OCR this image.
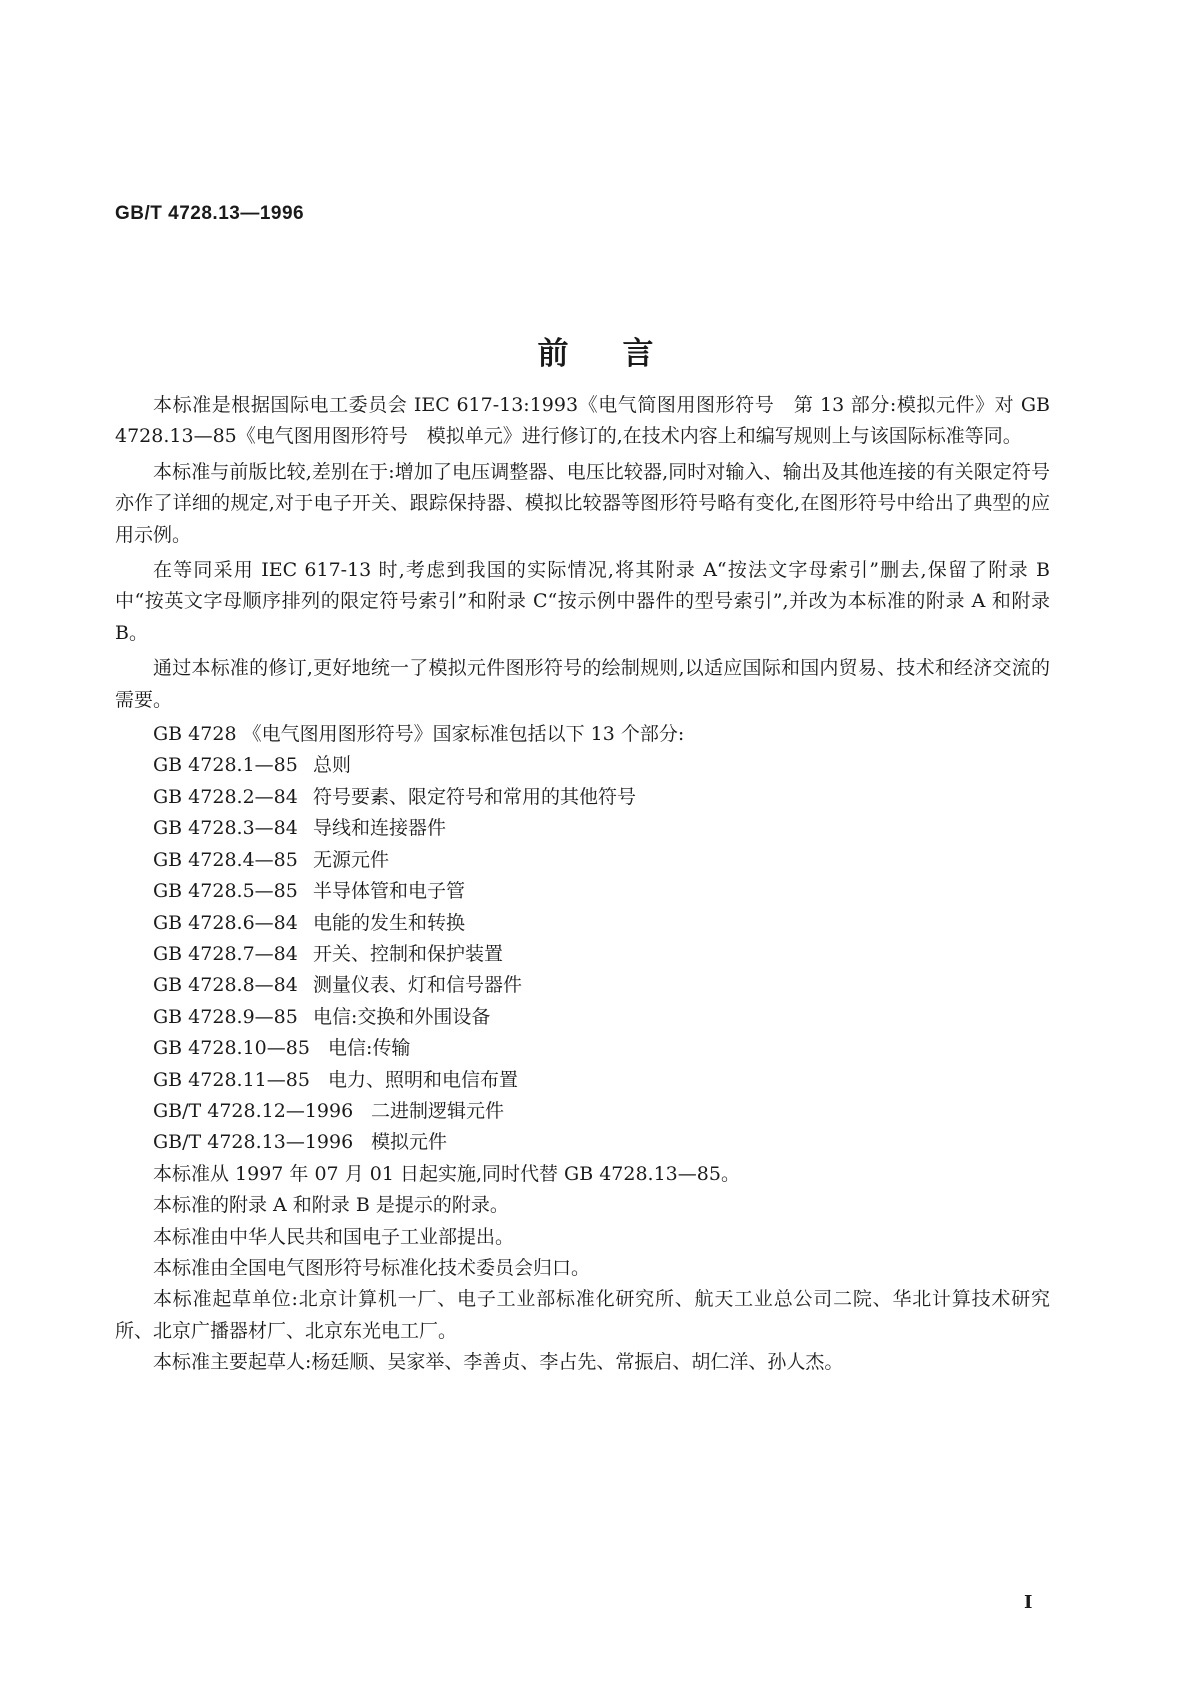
GB/T 4728.13—1996
前言

本标准是根据国际电工委员会 IEC 617-13:1993《电气简图用图形符号　第 13 部分:模拟元件》对 GB 4728.13—85《电气图用图形符号　模拟单元》进行修订的,在技术内容上和编写规则上与该国际标准等同。

本标准与前版比较,差别在于:增加了电压调整器、电压比较器,同时对输入、输出及其他连接的有关限定符号亦作了详细的规定,对于电子开关、跟踪保持器、模拟比较器等图形符号略有变化,在图形符号中给出了典型的应用示例。

在等同采用 IEC 617-13 时,考虑到我国的实际情况,将其附录 A“按法文字母索引”删去,保留了附录 B 中“按英文字母顺序排列的限定符号索引”和附录 C“按示例中器件的型号索引”,并改为本标准的附录 A 和附录 B。

通过本标准的修订,更好地统一了模拟元件图形符号的绘制规则,以适应国际和国内贸易、技术和经济交流的需要。

GB 4728 《电气图用图形符号》国家标准包括以下 13 个部分:
GB 4728.1—85 总则
GB 4728.2—84 符号要素、限定符号和常用的其他符号
GB 4728.3—84 导线和连接器件
GB 4728.4—85 无源元件
GB 4728.5—85 半导体管和电子管
GB 4728.6—84 电能的发生和转换
GB 4728.7—84 开关、控制和保护装置
GB 4728.8—84 测量仪表、灯和信号器件
GB 4728.9—85 电信:交换和外围设备
GB 4728.10—85 电信:传输
GB 4728.11—85 电力、照明和电信布置
GB/T 4728.12—1996 二进制逻辑元件
GB/T 4728.13—1996 模拟元件

本标准从 1997 年 07 月 01 日起实施,同时代替 GB 4728.13—85。

本标准的附录 A 和附录 B 是提示的附录。

本标准由中华人民共和国电子工业部提出。

本标准由全国电气图形符号标准化技术委员会归口。

本标准起草单位:北京计算机一厂、电子工业部标准化研究所、航天工业总公司二院、华北计算技术研究所、北京广播器材厂、北京东光电工厂。

本标准主要起草人:杨廷顺、吴家举、李善贞、李占先、常振启、胡仁洋、孙人杰。

I
